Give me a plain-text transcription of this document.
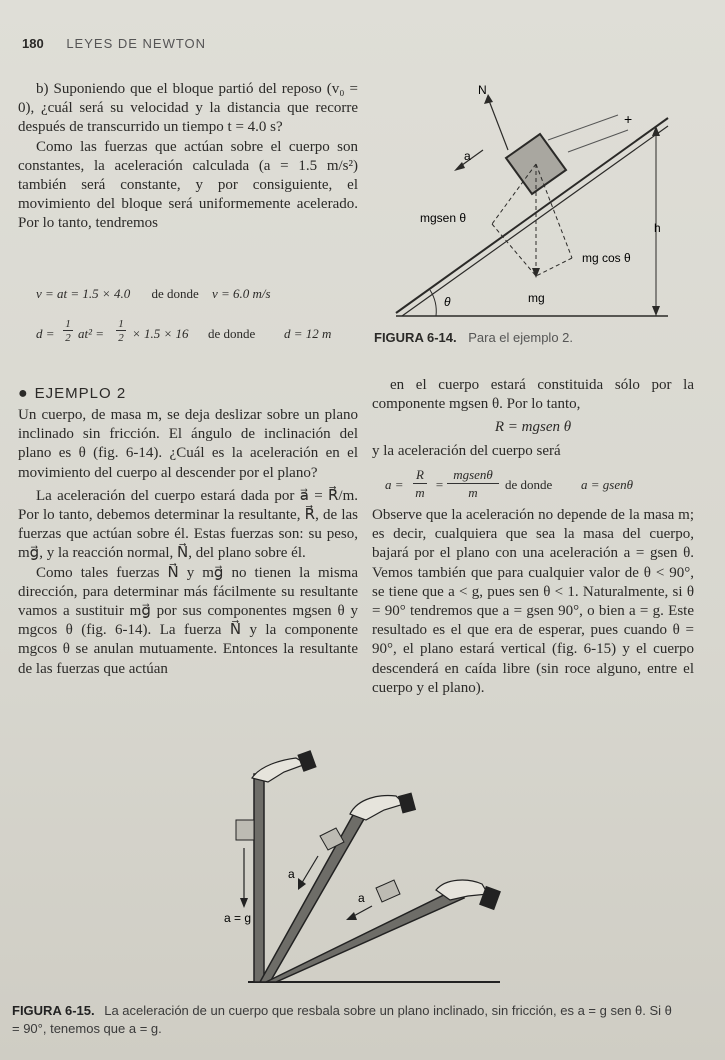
180 LEYES DE NEWTON

b) Suponiendo que el bloque partió del reposo (v₀ = 0), ¿cuál será su velocidad y la distancia que recorre después de transcurrido un tiempo t = 4.0 s?

Como las fuerzas que actúan sobre el cuerpo son constantes, la aceleración calculada (a = 1.5 m/s²) también será constante, y por consiguiente, el movimiento del bloque será uniformemente acelerado. Por lo tanto, tendremos

v = at = 1.5 × 4.0 de donde v = 6.0 m/s
d =
1
2 at² =
1
2 × 1.5 × 16 de donde d = 12 m
h
θ
+
N
a
mg
mgsen θ
mg cos θ
FIGURA 6-14. Para el ejemplo 2.
● EJEMPLO 2

Un cuerpo, de masa m, se deja deslizar sobre un plano inclinado sin fricción. El ángulo de inclinación del plano es θ (fig. 6-14). ¿Cuál es la aceleración en el movimiento del cuerpo al descender por el plano?

La aceleración del cuerpo estará dada por a⃗ = R⃗/m. Por lo tanto, debemos determinar la resultante, R⃗, de las fuerzas que actúan sobre él. Estas fuerzas son: su peso, mg⃗, y la reacción normal, N⃗, del plano sobre él.

Como tales fuerzas N⃗ y mg⃗ no tienen la misma dirección, para determinar más fácilmente su resultante vamos a sustituir mg⃗ por sus componentes mgsen θ y mgcos θ (fig. 6-14). La fuerza N⃗ y la componente mgcos θ se anulan mutuamente. Entonces la resultante de las fuerzas que actúan

en el cuerpo estará constituida sólo por la componente mgsen θ. Por lo tanto,

R = mgsen θ

y la aceleración del cuerpo será

a =
R
m
=
mgsenθ
m
de donde a = gsenθ

Observe que la aceleración no depende de la masa m; es decir, cualquiera que sea la masa del cuerpo, bajará por el plano con una aceleración a = gsen θ. Vemos también que para cualquier valor de θ < 90°, se tiene que a < g, pues sen θ < 1. Naturalmente, si θ = 90° tendremos que a = gsen 90°, o bien a = g. Este resultado es el que era de esperar, pues cuando θ = 90°, el plano estará vertical (fig. 6-15) y el cuerpo descenderá en caída libre (sin roce alguno, entre el cuerpo y el plano).

a
a
a = g
FIGURA 6-15. La aceleración de un cuerpo que resbala sobre un plano inclinado, sin fricción, es a = g sen θ. Si θ = 90°, tenemos que a = g.
